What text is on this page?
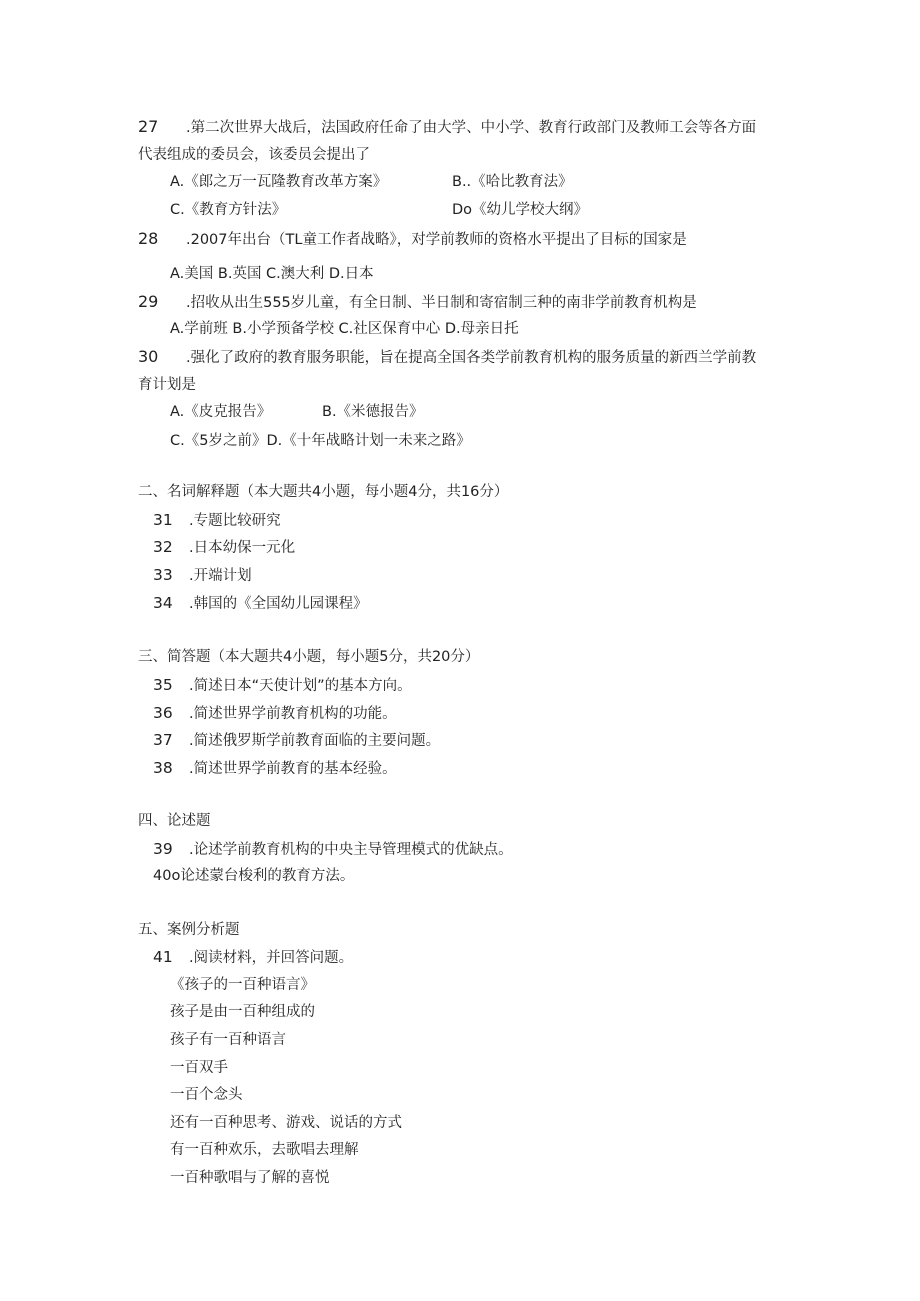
27 .第二次世界大战后，法国政府任命了由大学、中小学、教育行政部门及教师工会等各方面
代表组成的委员会，该委员会提出了
A.《郎之万一瓦隆教育改革方案》	B..《哈比教育法》
C.《教育方针法》	Do《幼儿学校大纲》
28 .2007年出台（TL童工作者战略》，对学前教师的资格水平提出了目标的国家是
A.美国 B.英国 C.澳大利 D.日本
29 .招收从出生555岁儿童，有全日制、半日制和寄宿制三种的南非学前教育机构是
A.学前班 B.小学预备学校 C.社区保育中心 D.母亲日托
30 .强化了政府的教育服务职能，旨在提高全国各类学前教育机构的服务质量的新西兰学前教
育计划是
A.《皮克报告》	B.《米德报告》
C.《5岁之前》D.《十年战略计划一未来之路》
二、名词解释题（本大题共4小题，每小题4分，共16分）
31 .专题比较研究
32 .日本幼保一元化
33 .开端计划
34 .韩国的《全国幼儿园课程》
三、简答题（本大题共4小题，每小题5分，共20分）
35 .简述日本“天使计划”的基本方向。
36 .简述世界学前教育机构的功能。
37 .简述俄罗斯学前教育面临的主要问题。
38 .简述世界学前教育的基本经验。
四、论述题
39 .论述学前教育机构的中央主导管理模式的优缺点。
40o论述蒙台梭利的教育方法。
五、案例分析题
41 .阅读材料，并回答问题。
《孩子的一百种语言》
孩子是由一百种组成的
孩子有一百种语言
一百双手
一百个念头
还有一百种思考、游戏、说话的方式
有一百种欢乐，去歌唱去理解
一百种歌唱与了解的喜悦
